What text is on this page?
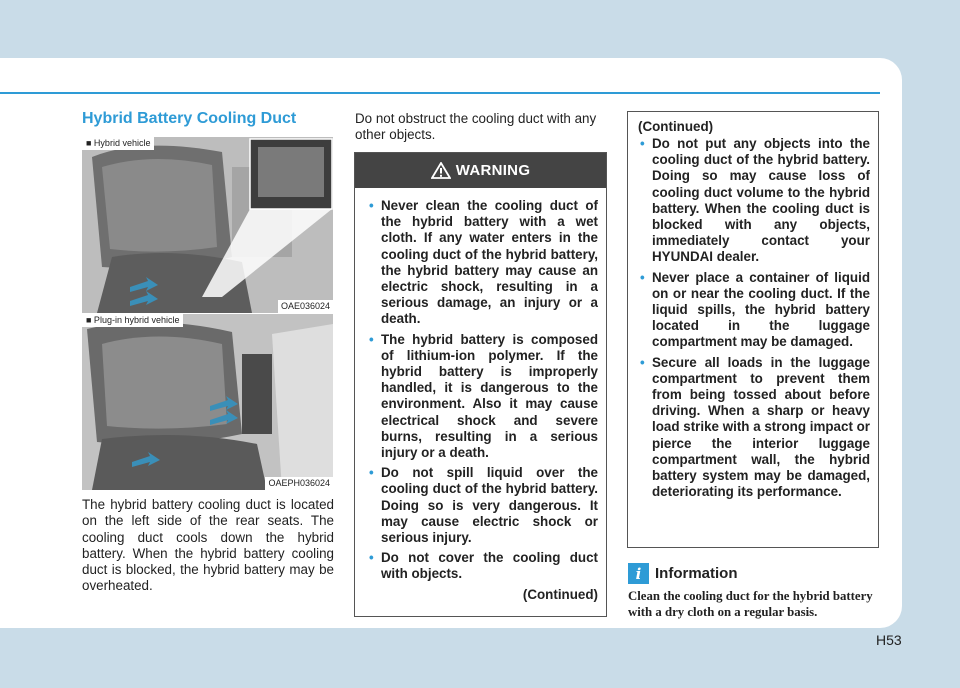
Hybrid Battery Cooling Duct
■ Hybrid vehicle
OAE036024
■ Plug-in hybrid vehicle
OAEPH036024
The hybrid battery cooling duct is located on the left side of the rear seats. The cooling duct cools down the hybrid battery. When the hybrid battery cooling duct is blocked, the hybrid battery may be overheated.
Do not obstruct the cooling duct with any other objects.
WARNING
• Never clean the cooling duct of the hybrid battery with a wet cloth. If any water enters in the cooling duct of the hybrid battery, the hybrid battery may cause an electric shock, resulting in a serious damage, an injury or a death.
• The hybrid battery is composed of lithium-ion polymer. If the hybrid battery is improperly handled, it is dangerous to the environment. Also it may cause electrical shock and severe burns, resulting in a serious injury or a death.
• Do not spill liquid over the cooling duct of the hybrid battery. Doing so is very dangerous. It may cause electric shock or serious injury.
• Do not cover the cooling duct with objects.
(Continued)
(Continued)
• Do not put any objects into the cooling duct of the hybrid battery. Doing so may cause loss of cooling duct volume to the hybrid battery. When the cooling duct is blocked with any objects, immediately contact your HYUNDAI dealer.
• Never place a container of liquid on or near the cooling duct. If the liquid spills, the hybrid battery located in the luggage compartment may be damaged.
• Secure all loads in the luggage compartment to prevent them from being tossed about before driving. When a sharp or heavy load strike with a strong impact or pierce the interior luggage compartment wall, the hybrid battery system may be damaged, deteriorating its performance.
i Information
Clean the cooling duct for the hybrid battery with a dry cloth on a regular basis.
H53
